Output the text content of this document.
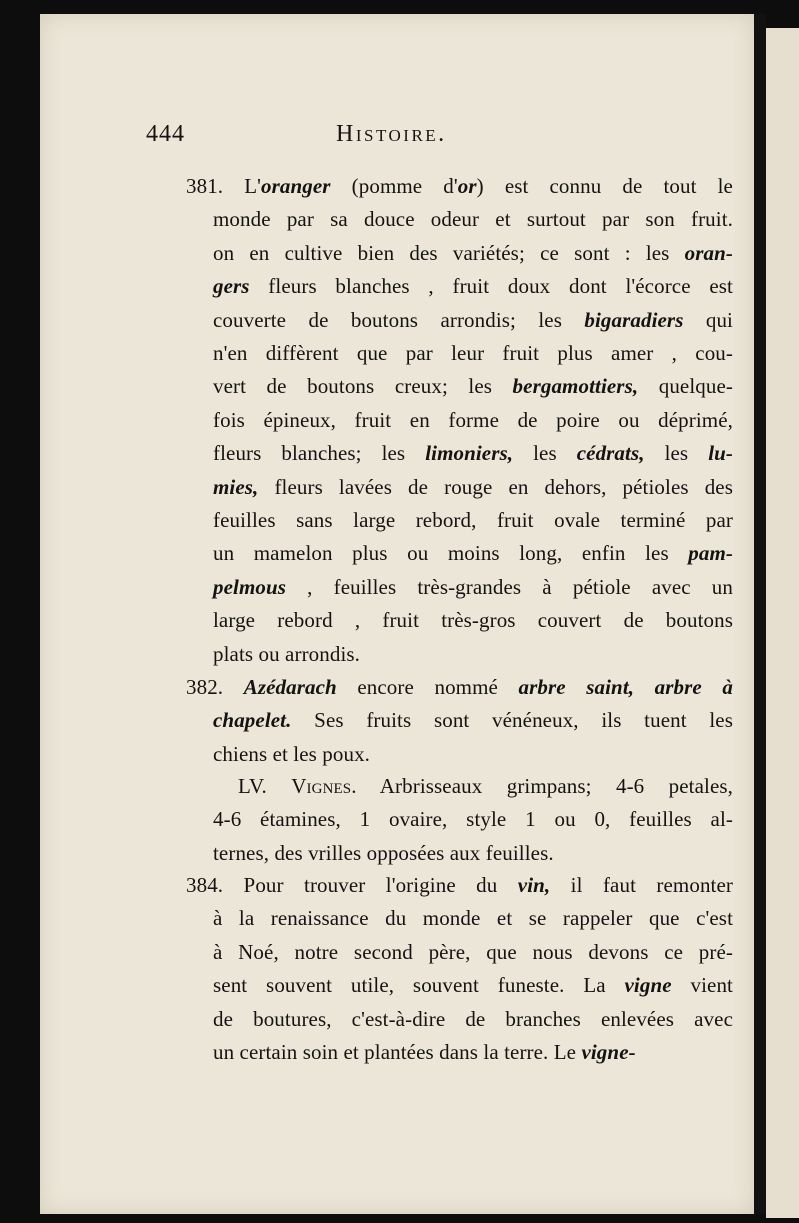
444	Histoire.
381. L'oranger (pomme d'or) est connu de tout le
monde par sa douce odeur et surtout par son fruit.
on en cultive bien des variétés; ce sont : les oran-
gers fleurs blanches , fruit doux dont l'écorce est
couverte de boutons arrondis; les bigaradiers qui
n'en diffèrent que par leur fruit plus amer , cou-
vert de boutons creux; les bergamottiers, quelque-
fois épineux, fruit en forme de poire ou déprimé,
fleurs blanches; les limoniers, les cédrats, les lu-
mies, fleurs lavées de rouge en dehors, pétioles des
feuilles sans large rebord, fruit ovale terminé par
un mamelon plus ou moins long, enfin les pam-
pelmous , feuilles très-grandes à pétiole avec un
large rebord , fruit très-gros couvert de boutons
plats ou arrondis.
382. Azédarach encore nommé arbre saint, arbre à
chapelet. Ses fruits sont vénéneux, ils tuent les
chiens et les poux.
LV. Vignes. Arbrisseaux grimpans; 4-6 petales,
4-6 étamines, 1 ovaire, style 1 ou 0, feuilles al-
ternes, des vrilles opposées aux feuilles.
384. Pour trouver l'origine du vin, il faut remonter
à la renaissance du monde et se rappeler que c'est
à Noé, notre second père, que nous devons ce pré-
sent souvent utile, souvent funeste. La vigne vient
de boutures, c'est-à-dire de branches enlevées avec
un certain soin et plantées dans la terre. Le vigne-
